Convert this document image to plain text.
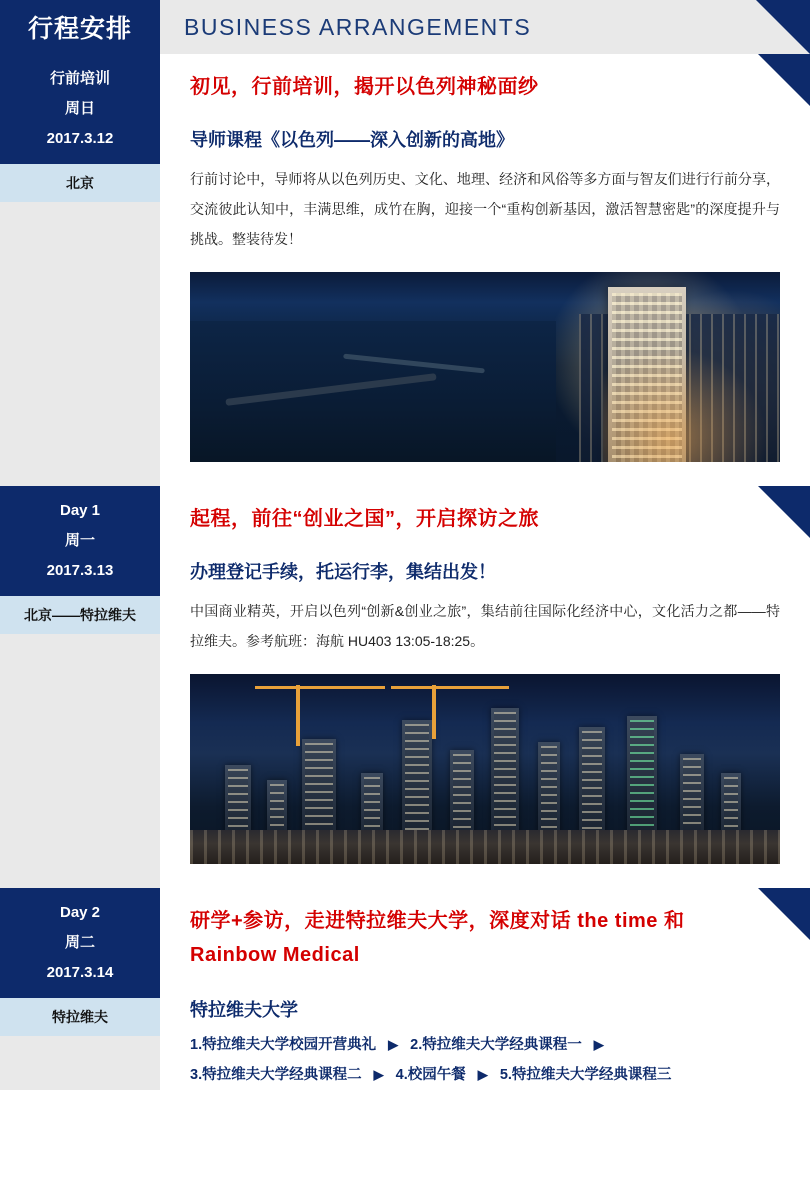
行程安排 BUSINESS ARRANGEMENTS
行前培训
周日
2017.3.12
北京

初见，行前培训，揭开以色列神秘面纱

导师课程《以色列——深入创新的高地》

行前讨论中，导师将从以色列历史、文化、地理、经济和风俗等多方面与智友们进行行前分享，交流彼此认知中，丰满思维，成竹在胸，迎接一个“重构创新基因，激活智慧密匙”的深度提升与挑战。整装待发！

Day 1
周一
2017.3.13
北京——特拉维夫

起程，前往“创业之国”，开启探访之旅

办理登记手续，托运行李，集结出发！

中国商业精英，开启以色列“创新&创业之旅”，集结前往国际化经济中心，文化活力之都——特拉维夫。参考航班：海航 HU403 13:05-18:25。

Day 2
周二
2017.3.14
特拉维夫

研学+参访，走进特拉维夫大学，深度对话 the time 和 Rainbow Medical

特拉维夫大学

1.特拉维夫大学校园开营典礼 ▶ 2.特拉维夫大学经典课程一 ▶
3.特拉维夫大学经典课程二 ▶ 4.校园午餐 ▶ 5.特拉维夫大学经典课程三
